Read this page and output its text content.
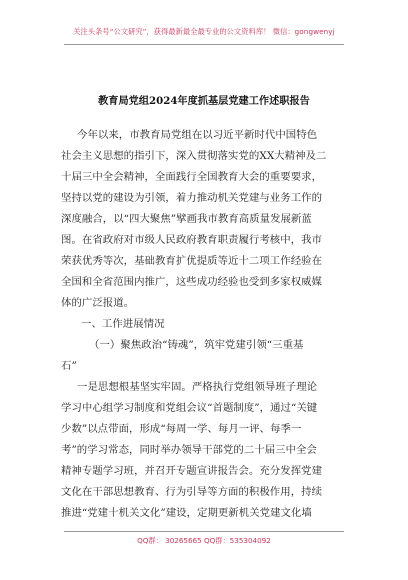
关注头条号“公文研究”，获得最新最全最专业的公文资料库！ 微信：gongwenyj
教育局党组2024年度抓基层党建工作述职报告
今年以来，市教育局党组在以习近平新时代中国特色
社会主义思想的指引下，深入贯彻落实党的XX大精神及二
十届三中全会精神，全面践行全国教育大会的重要要求，
坚持以党的建设为引领，着力推动机关党建与业务工作的
深度融合，以“四大聚焦”擘画我市教育高质量发展新蓝
图。在省政府对市级人民政府教育职责履行考核中，我市
荣获优秀等次，基础教育扩优提质等近十二项工作经验在
全国和全省范围内推广，这些成功经验也受到多家权威媒
体的广泛报道。
一、工作进展情况
（一）聚焦政治“铸魂”，筑牢党建引领“三重基
石”
一是思想根基坚实牢固。严格执行党组领导班子理论
学习中心组学习制度和党组会议“首题制度”，通过“关键
少数”以点带面，形成“每周一学、每月一评、每季一
考”的学习常态，同时举办领导干部党的二十届三中全会
精神专题学习班，并召开专题宣讲报告会。充分发挥党建
文化在干部思想教育、行为引导等方面的积极作用，持续
推进“党建十机关文化”建设，定期更新机关党建文化墙
QQ群： 30265665 QQ群：535304092
